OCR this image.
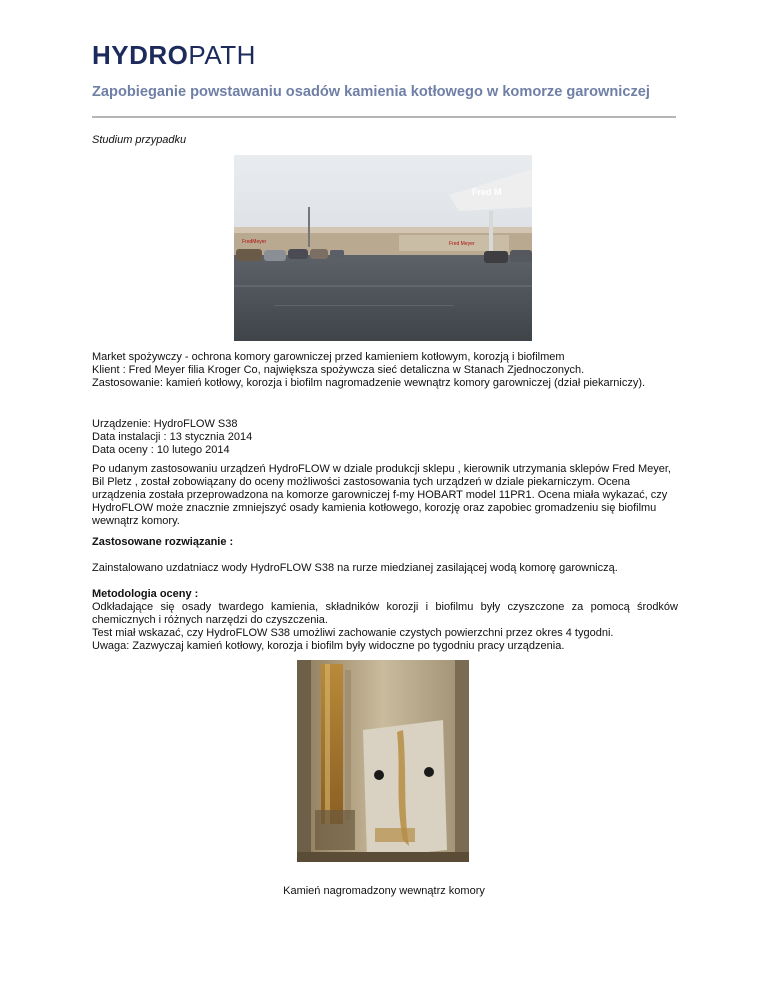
HYDROPATH
Zapobieganie powstawaniu osadów kamienia kotłowego w komorze garowniczej
Studium przypadku
FredMeyer	Fred Meyer
Fred M

Market spożywczy - ochrona komory garowniczej przed kamieniem kotłowym, korozją i biofilmem

Klient : Fred Meyer filia Kroger Co, największa spożywcza sieć detaliczna w Stanach Zjednoczonych.

Zastosowanie: kamień kotłowy, korozja i biofilm nagromadzenie wewnątrz komory garowniczej (dział piekarniczy).

Urządzenie: HydroFLOW S38

Data instalacji : 13 stycznia 2014

Data oceny : 10 lutego 2014

Po udanym zastosowaniu urządzeń HydroFLOW w dziale produkcji sklepu , kierownik utrzymania sklepów Fred Meyer, Bil Pletz , został zobowiązany do oceny możliwości zastosowania tych urządzeń w dziale piekarniczym. Ocena urządzenia została przeprowadzona na komorze garowniczej f-my HOBART model 11PR1. Ocena miała wykazać, czy HydroFLOW może znacznie zmniejszyć osady kamienia kotłowego, korozję oraz zapobiec gromadzeniu się biofilmu wewnątrz komory.

Zastosowane rozwiązanie :
Zainstalowano uzdatniacz wody HydroFLOW S38 na rurze miedzianej zasilającej wodą komorę garowniczą.

Metodologia oceny :

Odkładające się osady twardego kamienia, składników korozji i biofilmu były czyszczone za pomocą środków chemicznych i różnych narzędzi do czyszczenia.

Test miał wskazać, czy HydroFLOW S38 umożliwi zachowanie czystych powierzchni przez okres 4 tygodni.

Uwaga: Zazwyczaj kamień kotłowy, korozja i biofilm były widoczne po tygodniu pracy urządzenia.

Kamień nagromadzony wewnątrz komory
